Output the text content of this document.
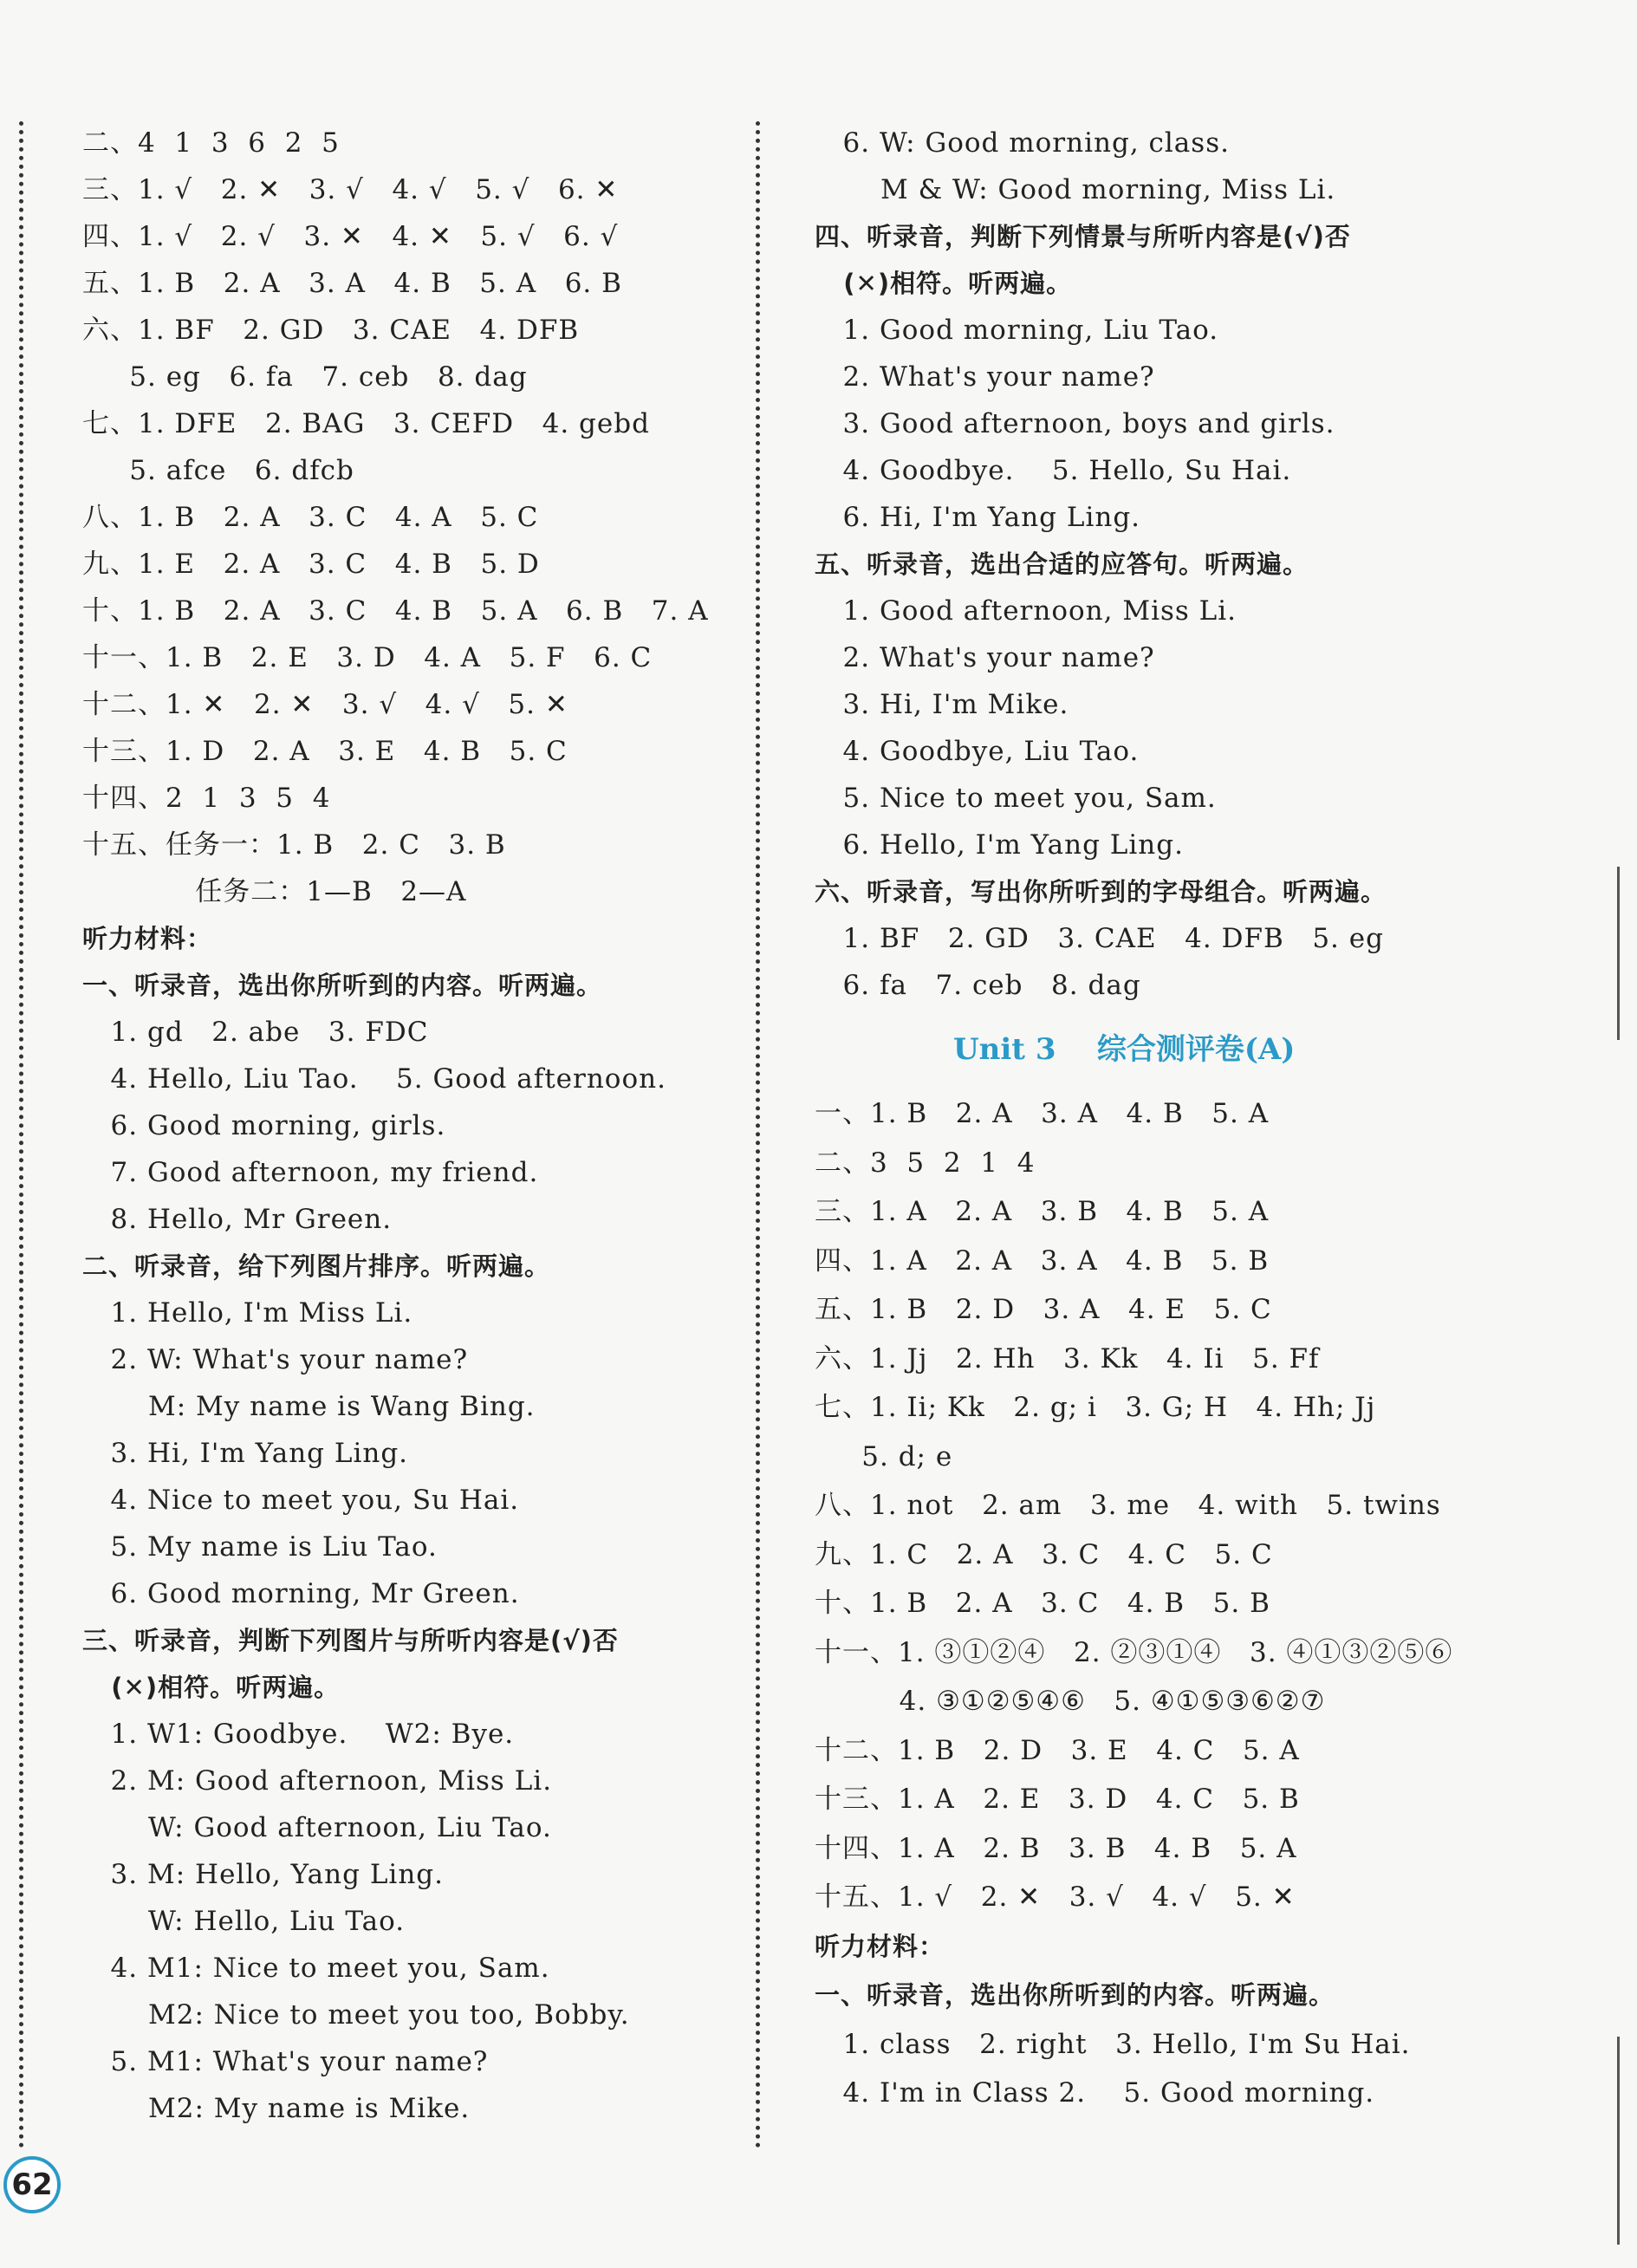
二、4  1  3  6  2  5
三、1. √   2. ✕   3. √   4. √   5. √   6. ✕
四、1. √   2. √   3. ✕   4. ✕   5. √   6. √
五、1. B   2. A   3. A   4. B   5. A   6. B
六、1. BF   2. GD   3. CAE   4. DFB
5. eg   6. fa   7. ceb   8. dag
七、1. DFE   2. BAG   3. CEFD   4. gebd
5. afce   6. dfcb
八、1. B   2. A   3. C   4. A   5. C
九、1. E   2. A   3. C   4. B   5. D
十、1. B   2. A   3. C   4. B   5. A   6. B   7. A
十一、1. B   2. E   3. D   4. A   5. F   6. C
十二、1. ✕   2. ✕   3. √   4. √   5. ✕
十三、1. D   2. A   3. E   4. B   5. C
十四、2  1  3  5  4
十五、任务一：1. B   2. C   3. B
任务二：1—B   2—A
听力材料：
一、听录音，选出你所听到的内容。听两遍。
1. gd   2. abe   3. FDC
4. Hello, Liu Tao.    5. Good afternoon.
6. Good morning, girls.
7. Good afternoon, my friend.
8. Hello, Mr Green.
二、听录音，给下列图片排序。听两遍。
1. Hello, I'm Miss Li.
2. W: What's your name?
M: My name is Wang Bing.
3. Hi, I'm Yang Ling.
4. Nice to meet you, Su Hai.
5. My name is Liu Tao.
6. Good morning, Mr Green.
三、听录音，判断下列图片与所听内容是(√)否
(✕)相符。听两遍。
1. W1: Goodbye.    W2: Bye.
2. M: Good afternoon, Miss Li.
W: Good afternoon, Liu Tao.
3. M: Hello, Yang Ling.
W: Hello, Liu Tao.
4. M1: Nice to meet you, Sam.
M2: Nice to meet you too, Bobby.
5. M1: What's your name?
M2: My name is Mike.
6. W: Good morning, class.
M & W: Good morning, Miss Li.
四、听录音，判断下列情景与所听内容是(√)否
(✕)相符。听两遍。
1. Good morning, Liu Tao.
2. What's your name?
3. Good afternoon, boys and girls.
4. Goodbye.    5. Hello, Su Hai.
6. Hi, I'm Yang Ling.
五、听录音，选出合适的应答句。听两遍。
1. Good afternoon, Miss Li.
2. What's your name?
3. Hi, I'm Mike.
4. Goodbye, Liu Tao.
5. Nice to meet you, Sam.
6. Hello, I'm Yang Ling.
六、听录音，写出你所听到的字母组合。听两遍。
1. BF   2. GD   3. CAE   4. DFB   5. eg
6. fa   7. ceb   8. dag
Unit 3    综合测评卷(A)
一、1. B   2. A   3. A   4. B   5. A
二、3  5  2  1  4
三、1. A   2. A   3. B   4. B   5. A
四、1. A   2. A   3. A   4. B   5. B
五、1. B   2. D   3. A   4. E   5. C
六、1. Jj   2. Hh   3. Kk   4. Ii   5. Ff
七、1. Ii; Kk   2. g; i   3. G; H   4. Hh; Jj
5. d; e
八、1. not   2. am   3. me   4. with   5. twins
九、1. C   2. A   3. C   4. C   5. C
十、1. B   2. A   3. C   4. B   5. B
十一、1. ③①②④   2. ②③①④   3. ④①③②⑤⑥
4. ③①②⑤④⑥   5. ④①⑤③⑥②⑦
十二、1. B   2. D   3. E   4. C   5. A
十三、1. A   2. E   3. D   4. C   5. B
十四、1. A   2. B   3. B   4. B   5. A
十五、1. √   2. ✕   3. √   4. √   5. ✕
听力材料：
一、听录音，选出你所听到的内容。听两遍。
1. class   2. right   3. Hello, I'm Su Hai.
4. I'm in Class 2.    5. Good morning.
62
